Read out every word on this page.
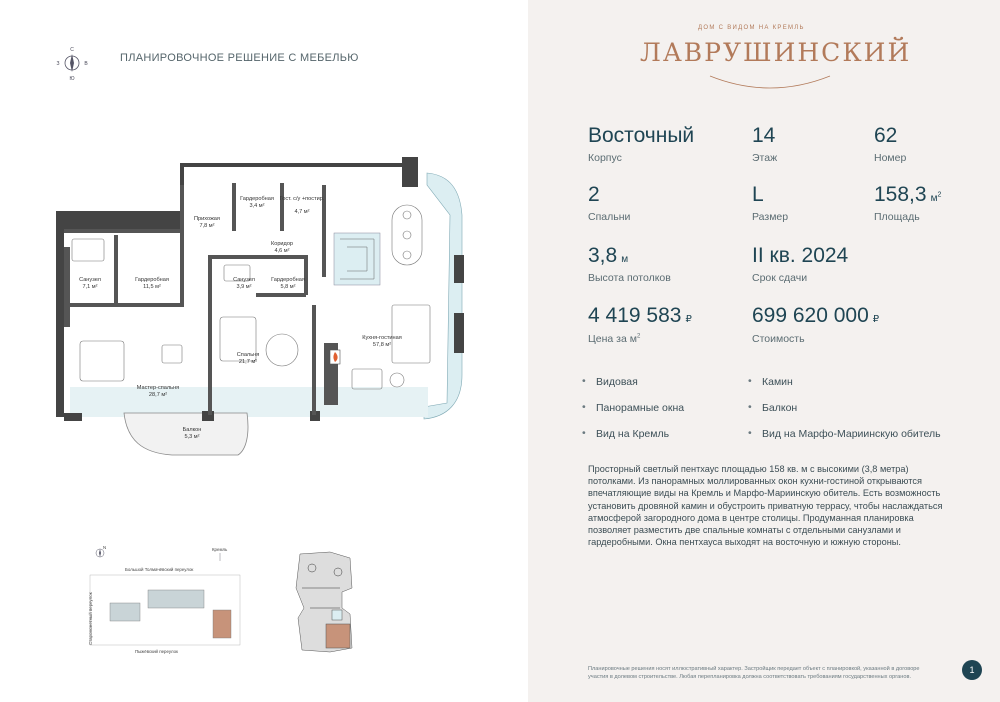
С
Ю
З	В	ПЛАНИРОВОЧНОЕ РЕШЕНИЕ С МЕБЕЛЬЮ
Прихожая
7,8 м²
Гардеробная
3,4 м²
Гост. с/у +постир.
4,7 м²
Коридор
4,6 м²
Санузел
7,1 м²
Гардеробная
11,5 м²
Санузел
3,9 м²
Гардеробная
5,8 м²
Кухня-гостиная
57,8 м²
Спальня
21,7 м²
Мастер-спальня
28,7 м²
Балкон
5,3 м²
N	Кремль
Большой Толмачёвский переулок
Старомонетный переулок
Пыжёвский переулок
ДОМ С ВИДОМ НА КРЕМЛЬ
ЛАВРУШИНСКИЙ
Восточный
Корпус
14
Этаж
62
Номер
2
Спальни
L
Размер
158,3 $м^2$
Площадь
3,8 м
Высота потолков
II кв. 2024
Срок сдачи
4 419 583 ₽
Цена за $м^2$
699 620 000 ₽
Стоимость
• Видовая
• Панорамные окна
• Вид на Кремль
• Камин
• Балкон
• Вид на Марфо-Мариинскую обитель
Просторный светлый пентхаус площадью 158 кв. м с высокими (3,8 метра) потолками. Из панорамных моллированных окон кухни-гостиной открываются впечатляющие виды на Кремль и Марфо-Мариинскую обитель. Есть возможность установить дровяной камин и обустроить приватную террасу, чтобы наслаждаться атмосферой загородного дома в центре столицы. Продуманная планировка позволяет разместить две спальные комнаты с отдельными санузлами и гардеробными. Окна пентхауса выходят на восточную и южную стороны.
Планировочные решения носят иллюстративный характер. Застройщик передает объект с планировкой, указанной в договоре участия в долевом строительстве. Любая перепланировка должна соответствовать требованиям государственных органов.
1
